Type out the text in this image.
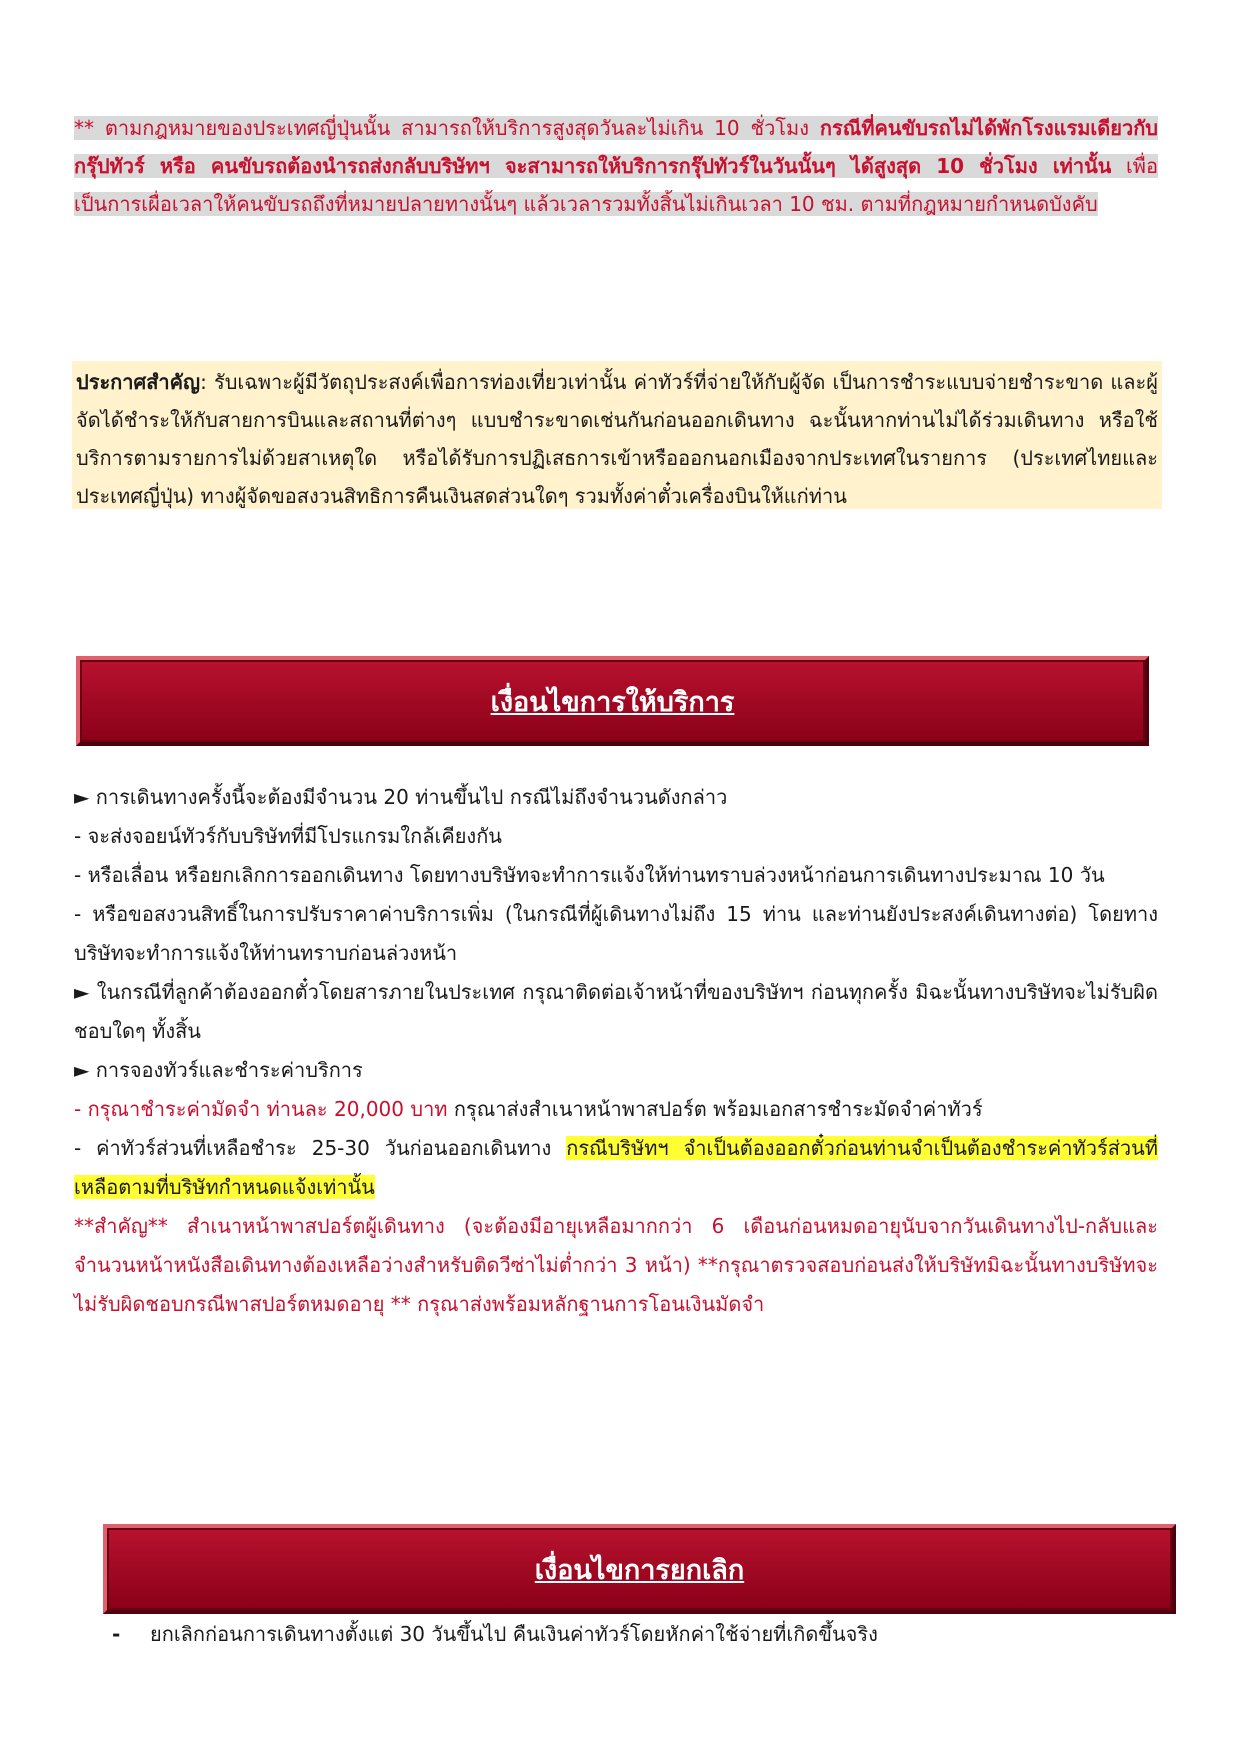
** ตามกฎหมายของประเทศญี่ปุ่นนั้น สามารถให้บริการสูงสุดวันละไม่เกิน 10 ชั่วโมง กรณีที่คนขับรถไม่ได้พักโรงแรมเดียวกับกรุ๊ปทัวร์ หรือ คนขับรถต้องนำรถส่งกลับบริษัทฯ จะสามารถให้บริการกรุ๊ปทัวร์ในวันนั้นๆ ได้สูงสุด 10 ชั่วโมง เท่านั้น เพื่อเป็นการเผื่อเวลาให้คนขับรถถึงที่หมายปลายทางนั้นๆ แล้วเวลารวมทั้งสิ้นไม่เกินเวลา 10 ชม. ตามที่กฎหมายกำหนดบังคับ

ประกาศสำคัญ: รับเฉพาะผู้มีวัตถุประสงค์เพื่อการท่องเที่ยวเท่านั้น ค่าทัวร์ที่จ่ายให้กับผู้จัด เป็นการชำระแบบจ่ายชำระขาด และผู้จัดได้ชำระให้กับสายการบินและสถานที่ต่างๆ แบบชำระขาดเช่นกันก่อนออกเดินทาง ฉะนั้นหากท่านไม่ได้ร่วมเดินทาง หรือใช้บริการตามรายการไม่ด้วยสาเหตุใด หรือได้รับการปฏิเสธการเข้าหรือออกนอกเมืองจากประเทศในรายการ (ประเทศไทยและประเทศญี่ปุ่น) ทางผู้จัดขอสงวนสิทธิการคืนเงินสดส่วนใดๆ รวมทั้งค่าตั๋วเครื่องบินให้แก่ท่าน

เงื่อนไขการให้บริการ
► การเดินทางครั้งนี้จะต้องมีจำนวน 20 ท่านขึ้นไป กรณีไม่ถึงจำนวนดังกล่าว
- จะส่งจอยน์ทัวร์กับบริษัทที่มีโปรแกรมใกล้เคียงกัน
- หรือเลื่อน หรือยกเลิกการออกเดินทาง โดยทางบริษัทจะทำการแจ้งให้ท่านทราบล่วงหน้าก่อนการเดินทางประมาณ 10 วัน
- หรือขอสงวนสิทธิ์ในการปรับราคาค่าบริการเพิ่ม (ในกรณีที่ผู้เดินทางไม่ถึง 15 ท่าน และท่านยังประสงค์เดินทางต่อ) โดยทางบริษัทจะทำการแจ้งให้ท่านทราบก่อนล่วงหน้า
► ในกรณีที่ลูกค้าต้องออกตั๋วโดยสารภายในประเทศ กรุณาติดต่อเจ้าหน้าที่ของบริษัทฯ ก่อนทุกครั้ง มิฉะนั้นทางบริษัทจะไม่รับผิดชอบใดๆ ทั้งสิ้น
► การจองทัวร์และชำระค่าบริการ
- กรุณาชำระค่ามัดจำ ท่านละ 20,000 บาท กรุณาส่งสำเนาหน้าพาสปอร์ต พร้อมเอกสารชำระมัดจำค่าทัวร์
- ค่าทัวร์ส่วนที่เหลือชำระ 25-30 วันก่อนออกเดินทาง กรณีบริษัทฯ จำเป็นต้องออกตั๋วก่อนท่านจำเป็นต้องชำระค่าทัวร์ส่วนที่เหลือตามที่บริษัทกำหนดแจ้งเท่านั้น
**สำคัญ** สำเนาหน้าพาสปอร์ตผู้เดินทาง (จะต้องมีอายุเหลือมากกว่า 6 เดือนก่อนหมดอายุนับจากวันเดินทางไป-กลับและจำนวนหน้าหนังสือเดินทางต้องเหลือว่างสำหรับติดวีซ่าไม่ต่ำกว่า 3 หน้า) **กรุณาตรวจสอบก่อนส่งให้บริษัทมิฉะนั้นทางบริษัทจะไม่รับผิดชอบกรณีพาสปอร์ตหมดอายุ ** กรุณาส่งพร้อมหลักฐานการโอนเงินมัดจำ
เงื่อนไขการยกเลิก
-	ยกเลิกก่อนการเดินทางตั้งแต่ 30 วันขึ้นไป คืนเงินค่าทัวร์โดยหักค่าใช้จ่ายที่เกิดขึ้นจริง
